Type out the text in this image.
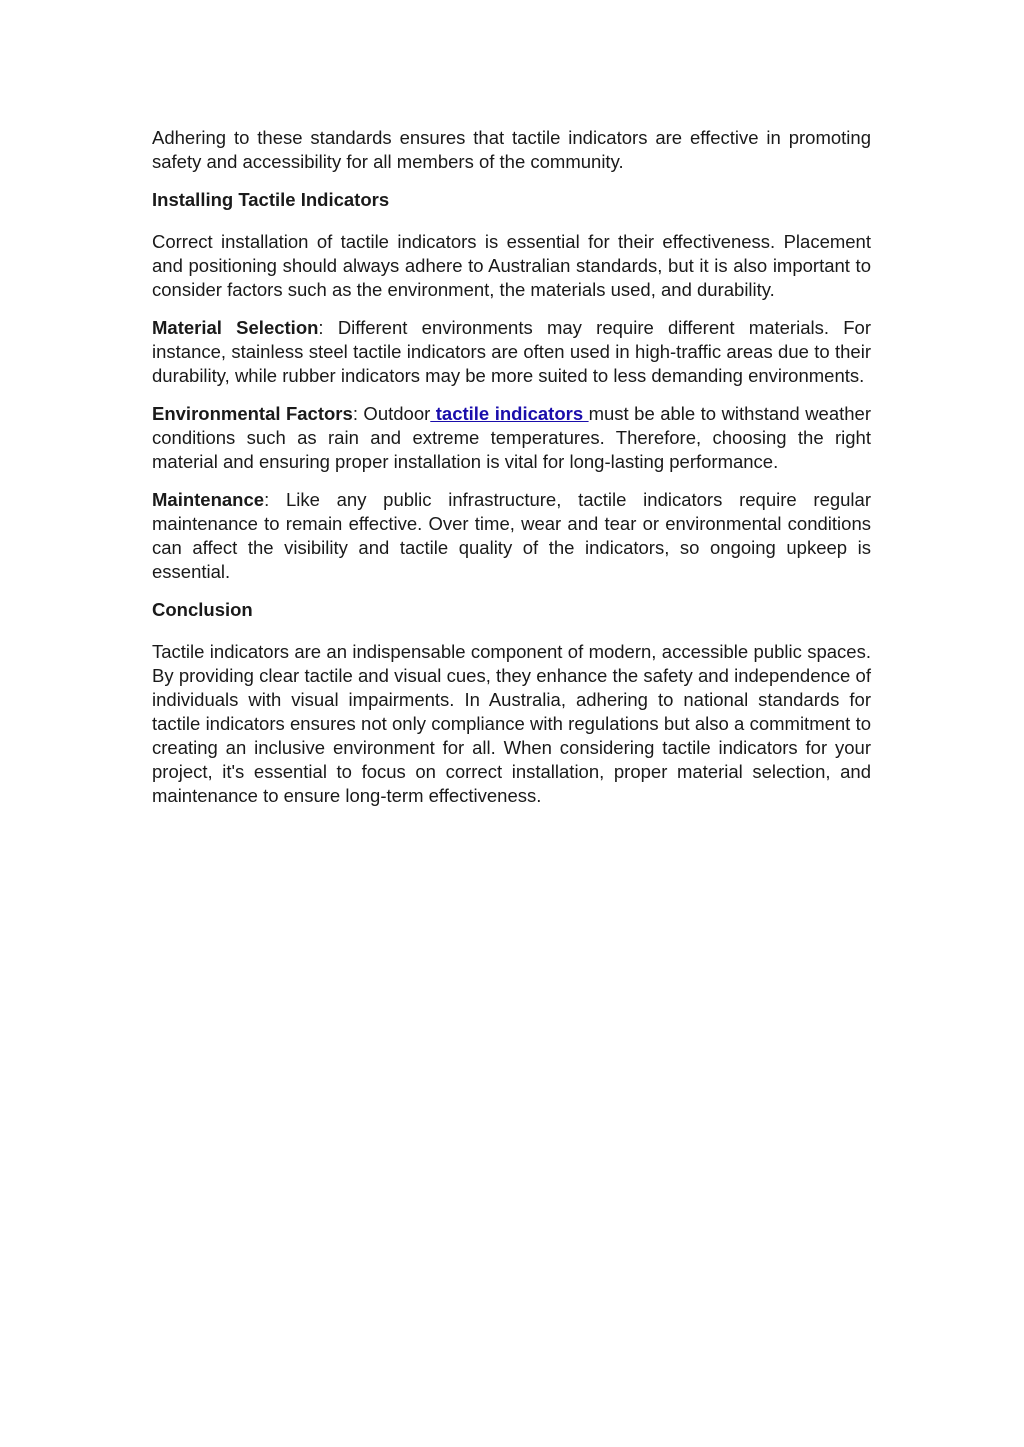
Adhering to these standards ensures that tactile indicators are effective in promoting safety and accessibility for all members of the community.

Installing Tactile Indicators

Correct installation of tactile indicators is essential for their effectiveness. Placement and positioning should always adhere to Australian standards, but it is also important to consider factors such as the environment, the materials used, and durability.

Material Selection: Different environments may require different materials. For instance, stainless steel tactile indicators are often used in high-traffic areas due to their durability, while rubber indicators may be more suited to less demanding environments.

Environmental Factors: Outdoor tactile indicators must be able to withstand weather conditions such as rain and extreme temperatures. Therefore, choosing the right material and ensuring proper installation is vital for long-lasting performance.

Maintenance: Like any public infrastructure, tactile indicators require regular maintenance to remain effective. Over time, wear and tear or environmental conditions can affect the visibility and tactile quality of the indicators, so ongoing upkeep is essential.

Conclusion

Tactile indicators are an indispensable component of modern, accessible public spaces. By providing clear tactile and visual cues, they enhance the safety and independence of individuals with visual impairments. In Australia, adhering to national standards for tactile indicators ensures not only compliance with regulations but also a commitment to creating an inclusive environment for all. When considering tactile indicators for your project, it's essential to focus on correct installation, proper material selection, and maintenance to ensure long-term effectiveness.
